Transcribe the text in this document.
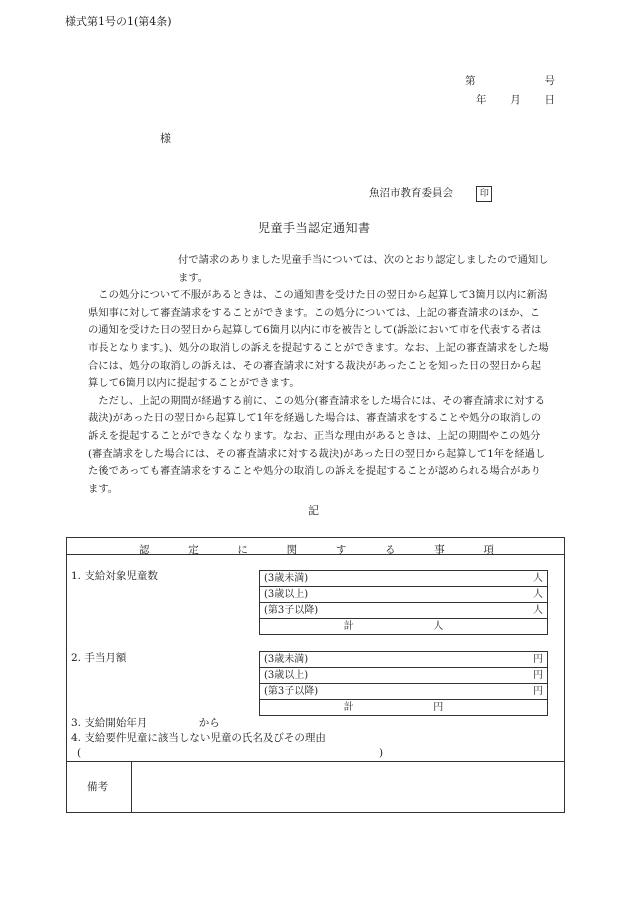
様式第1号の1(第4条)
第	号
年 月 日
様
魚沼市教育委員会	印
児童手当認定通知書

付で請求のありました児童手当については、次のとおり認定しましたので通知します。

この処分について不服があるときは、この通知書を受けた日の翌日から起算して3箇月以内に新潟県知事に対して審査請求をすることができます。この処分については、上記の審査請求のほか、この通知を受けた日の翌日から起算して6箇月以内に市を被告として(訴訟において市を代表する者は市長となります。)、処分の取消しの訴えを提起することができます。なお、上記の審査請求をした場合には、処分の取消しの訴えは、その審査請求に対する裁決があったことを知った日の翌日から起算して6箇月以内に提起することができます。

ただし、上記の期間が経過する前に、この処分(審査請求をした場合には、その審査請求に対する裁決)があった日の翌日から起算して1年を経過した場合は、審査請求をすることや処分の取消しの訴えを提起することができなくなります。なお、正当な理由があるときは、上記の期間やこの処分(審査請求をした場合には、その審査請求に対する裁決)があった日の翌日から起算して1年を経過した後であっても審査請求をすることや処分の取消しの訴えを提起することが認められる場合があります。

記
認	定	に	関	す	る	事	項
1. 支給対象児童数	(3歳未満)	人

(3歳以上)	人

(第3子以降)	人

計	人
2. 手当月額	(3歳未満)	円

(3歳以上)	円

(第3子以降)	円

計	円
3. 支給開始年月	から
4. 支給要件児童に該当しない児童の氏名及びその理由
(	)
備考
